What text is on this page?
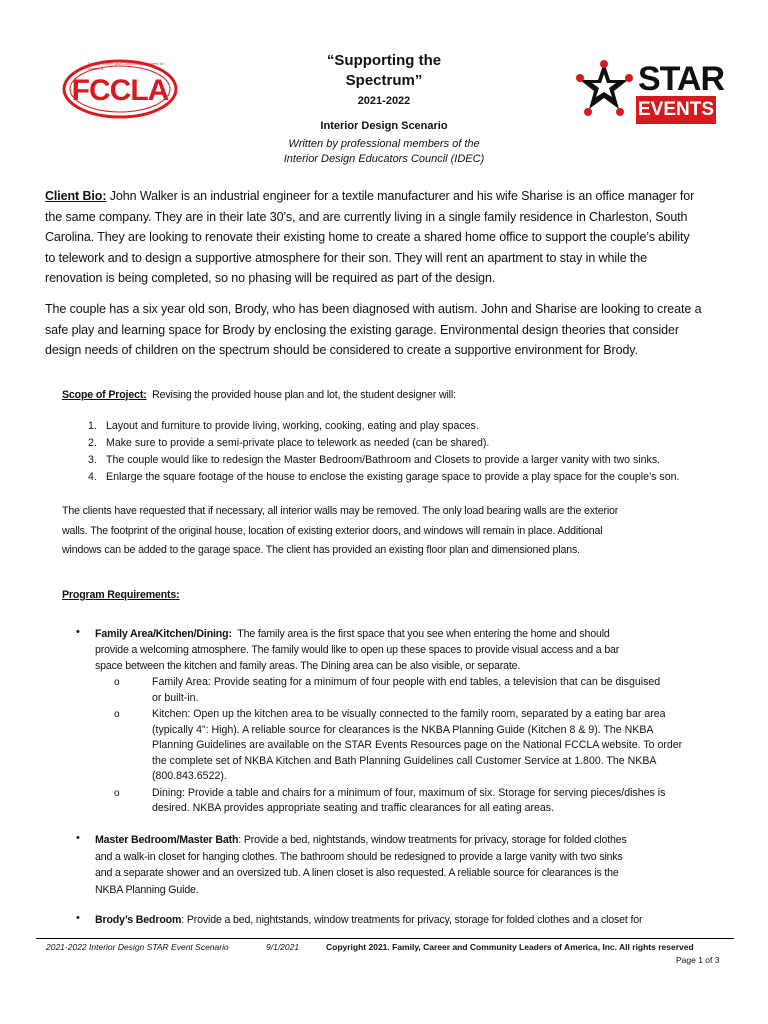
FCCLA
Family, Career and Community Leaders of America	STAR
EVENTS
“Supporting the
Spectrum”
2021-2022
Interior Design Scenario
Written by professional members of the
Interior Design Educators Council (IDEC)
Client Bio: John Walker is an industrial engineer for a textile manufacturer and his wife Sharise is an office manager for
the same company. They are in their late 30’s, and are currently living in a single family residence in Charleston, South
Carolina. They are looking to renovate their existing home to create a shared home office to support the couple’s ability
to telework and to design a supportive atmosphere for their son. They will rent an apartment to stay in while the
renovation is being completed, so no phasing will be required as part of the design.
The couple has a six year old son, Brody, who has been diagnosed with autism. John and Sharise are looking to create a
safe play and learning space for Brody by enclosing the existing garage. Environmental design theories that consider
design needs of children on the spectrum should be considered to create a supportive environment for Brody.
Scope of Project: Revising the provided house plan and lot, the student designer will:
1. Layout and furniture to provide living, working, cooking, eating and play spaces.
2. Make sure to provide a semi-private place to telework as needed (can be shared).
3. The couple would like to redesign the Master Bedroom/Bathroom and Closets to provide a larger vanity with two sinks.
4. Enlarge the square footage of the house to enclose the existing garage space to provide a play space for the couple’s son.
The clients have requested that if necessary, all interior walls may be removed. The only load bearing walls are the exterior
walls. The footprint of the original house, location of existing exterior doors, and windows will remain in place. Additional
windows can be added to the garage space. The client has provided an existing floor plan and dimensioned plans.
Program Requirements:
• Family Area/Kitchen/Dining: The family area is the first space that you see when entering the home and should
provide a welcoming atmosphere. The family would like to open up these spaces to provide visual access and a bar
space between the kitchen and family areas. The Dining area can be also visible, or separate.
o	Family Area: Provide seating for a minimum of four people with end tables, a television that can be disguised
or built-in.
o	Kitchen: Open up the kitchen area to be visually connected to the family room, separated by a eating bar area
(typically 4”: High). A reliable source for clearances is the NKBA Planning Guide (Kitchen 8 & 9). The NKBA
Planning Guidelines are available on the STAR Events Resources page on the National FCCLA website. To order
the complete set of NKBA Kitchen and Bath Planning Guidelines call Customer Service at 1.800. The NKBA
(800.843.6522).
o	Dining: Provide a table and chairs for a minimum of four, maximum of six. Storage for serving pieces/dishes is
desired. NKBA provides appropriate seating and traffic clearances for all eating areas.
• Master Bedroom/Master Bath: Provide a bed, nightstands, window treatments for privacy, storage for folded clothes
and a walk-in closet for hanging clothes. The bathroom should be redesigned to provide a large vanity with two sinks
and a separate shower and an oversized tub. A linen closet is also requested. A reliable source for clearances is the
NKBA Planning Guide.
• Brody’s Bedroom: Provide a bed, nightstands, window treatments for privacy, storage for folded clothes and a closet for
2021-2022 Interior Design STAR Event Scenario	9/1/2021	Copyright 2021. Family, Career and Community Leaders of America, Inc. All rights reserved
Page 1 of 3
